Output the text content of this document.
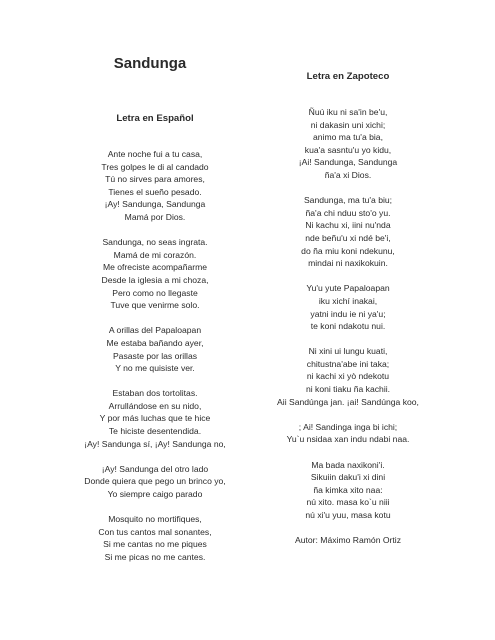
Sandunga
Letra en Español
Ante noche fui a tu casa,
Tres golpes le di al candado
Tú no sirves para amores,
Tienes el sueño pesado.
¡Ay! Sandunga, Sandunga
Mamá por Dios.
Sandunga, no seas ingrata.
Mamá de mi corazón.
Me ofreciste acompañarme
Desde la iglesia a mi choza,
Pero como no llegaste
Tuve que venirme solo.
A orillas del Papaloapan
Me estaba bañando ayer,
Pasaste por las orillas
Y no me quisiste ver.
Estaban dos tortolitas.
Arrullándose en su nido,
Y por más luchas que te hice
Te hiciste desentendida.
¡Ay! Sandunga sí, ¡Ay! Sandunga no,
¡Ay! Sandunga del otro lado
Donde quiera que pego un brinco yo,
Yo siempre caigo parado
Mosquito no mortifiques,
Con tus cantos mal sonantes,
Si me cantas no me piques
Si me picas no me cantes.
Letra en Zapoteco
Ñuú iku ni sa'in be'u,
ni dakasin uni xichi;
animo ma tu'a bia,
kua'a sasntu'u yo kidu,
¡Ai! Sandunga, Sandunga
ña'a xi Dios.
Sandunga, ma tu'a biu;
ña'a chi nduu sto'o yu.
Ni kachu xi, iini nu'nda
nde beñu'u xi ndé be'i,
do ña miu koni ndekunu,
mindai ni naxikokuin.
Yu'u yute Papaloapan
iku xichí inakai,
yatni indu ie ni ya'u;
te koni ndakotu nui.
Ni xini ui lungu kuati,
chitustna'abe ini taka;
ni kachi xi yò ndekotu
ni koni tiaku ña kachii.
Aii Sandúnga jan. ¡ai! Sandúnga koo,
; Ai! Sandinga inga bi ichi;
Yu`u nsidaa xan indu ndabi naa.
Ma bada naxikoni'i.
Sikuiin daku'i xi dini
ña kimka xito naa:
nú xito. masa ko`u niii
nú xi'u yuu, masa kotu
Autor: Máximo Ramón Ortiz
